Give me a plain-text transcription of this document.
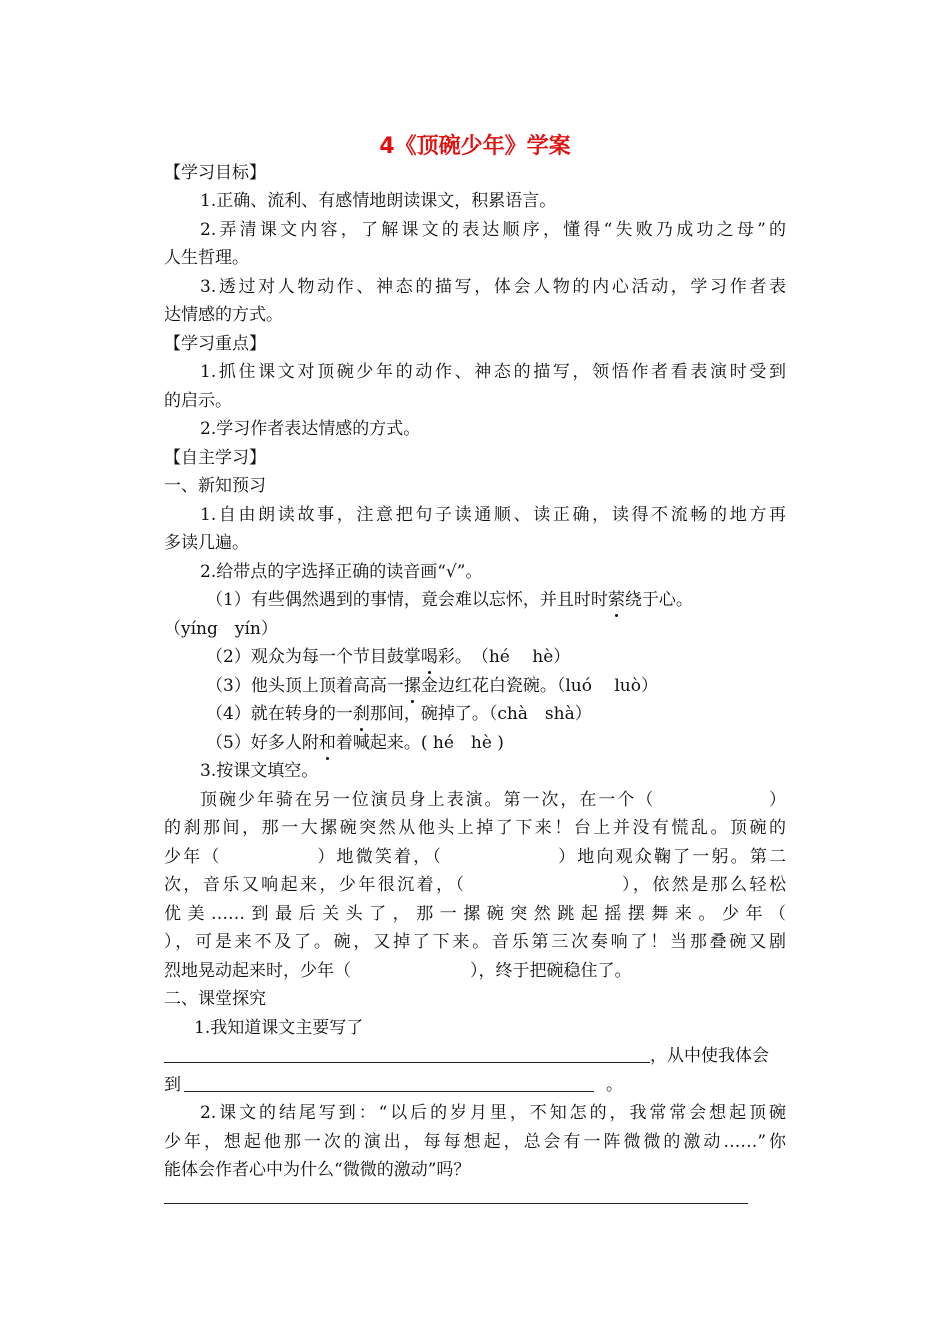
4《顶碗少年》学案
【学习目标】
1.正确、流利、有感情地朗读课文，积累语言。
2.弄清课文内容，了解课文的表达顺序，懂得“失败乃成功之母”的
人生哲理。
3.透过对人物动作、神态的描写，体会人物的内心活动，学习作者表
达情感的方式。
【学习重点】
1.抓住课文对顶碗少年的动作、神态的描写，领悟作者看表演时受到
的启示。
2.学习作者表达情感的方式。
【自主学习】
一、新知预习
1.自由朗读故事，注意把句子读通顺、读正确，读得不流畅的地方再
多读几遍。
2.给带点的字选择正确的读音画“√”。
（1）有些偶然遇到的事情，竟会难以忘怀，并且时时萦绕于心。
（yíng　yín）
（2）观众为每一个节目鼓掌喝彩。　（hé　 hè）
（3）他头顶上顶着高高一摞金边红花白瓷碗。（luó　 luò）
（4）就在转身的一刹那间，碗掉了。（chà　shà）
（5）好多人附和着喊起来。( hé　hè )
3.按课文填空。
顶碗少年骑在另一位演员身上表演。第一次，在一个（　　　　　　）
的刹那间，那一大摞碗突然从他头上掉了下来！台上并没有慌乱。顶碗的
少年（　　　　　）地微笑着，（　　　　　　）地向观众鞠了一躬。第二
次，音乐又响起来，少年很沉着，（　　　　　　　　），依然是那么轻松
优美……到最后关头了，那一摞碗突然跳起摇摆舞来。少年（
），可是来不及了。碗，又掉了下来。音乐第三次奏响了！当那叠碗又剧
烈地晃动起来时，少年（　　　　　　　），终于把碗稳住了。
二、课堂探究
1.我知道课文主要写了
，从中使我体会
到	。
2.课文的结尾写到：“以后的岁月里，不知怎的，我常常会想起顶碗
少年，想起他那一次的演出，每每想起，总会有一阵微微的激动……”你
能体会作者心中为什么“微微的激动”吗？
